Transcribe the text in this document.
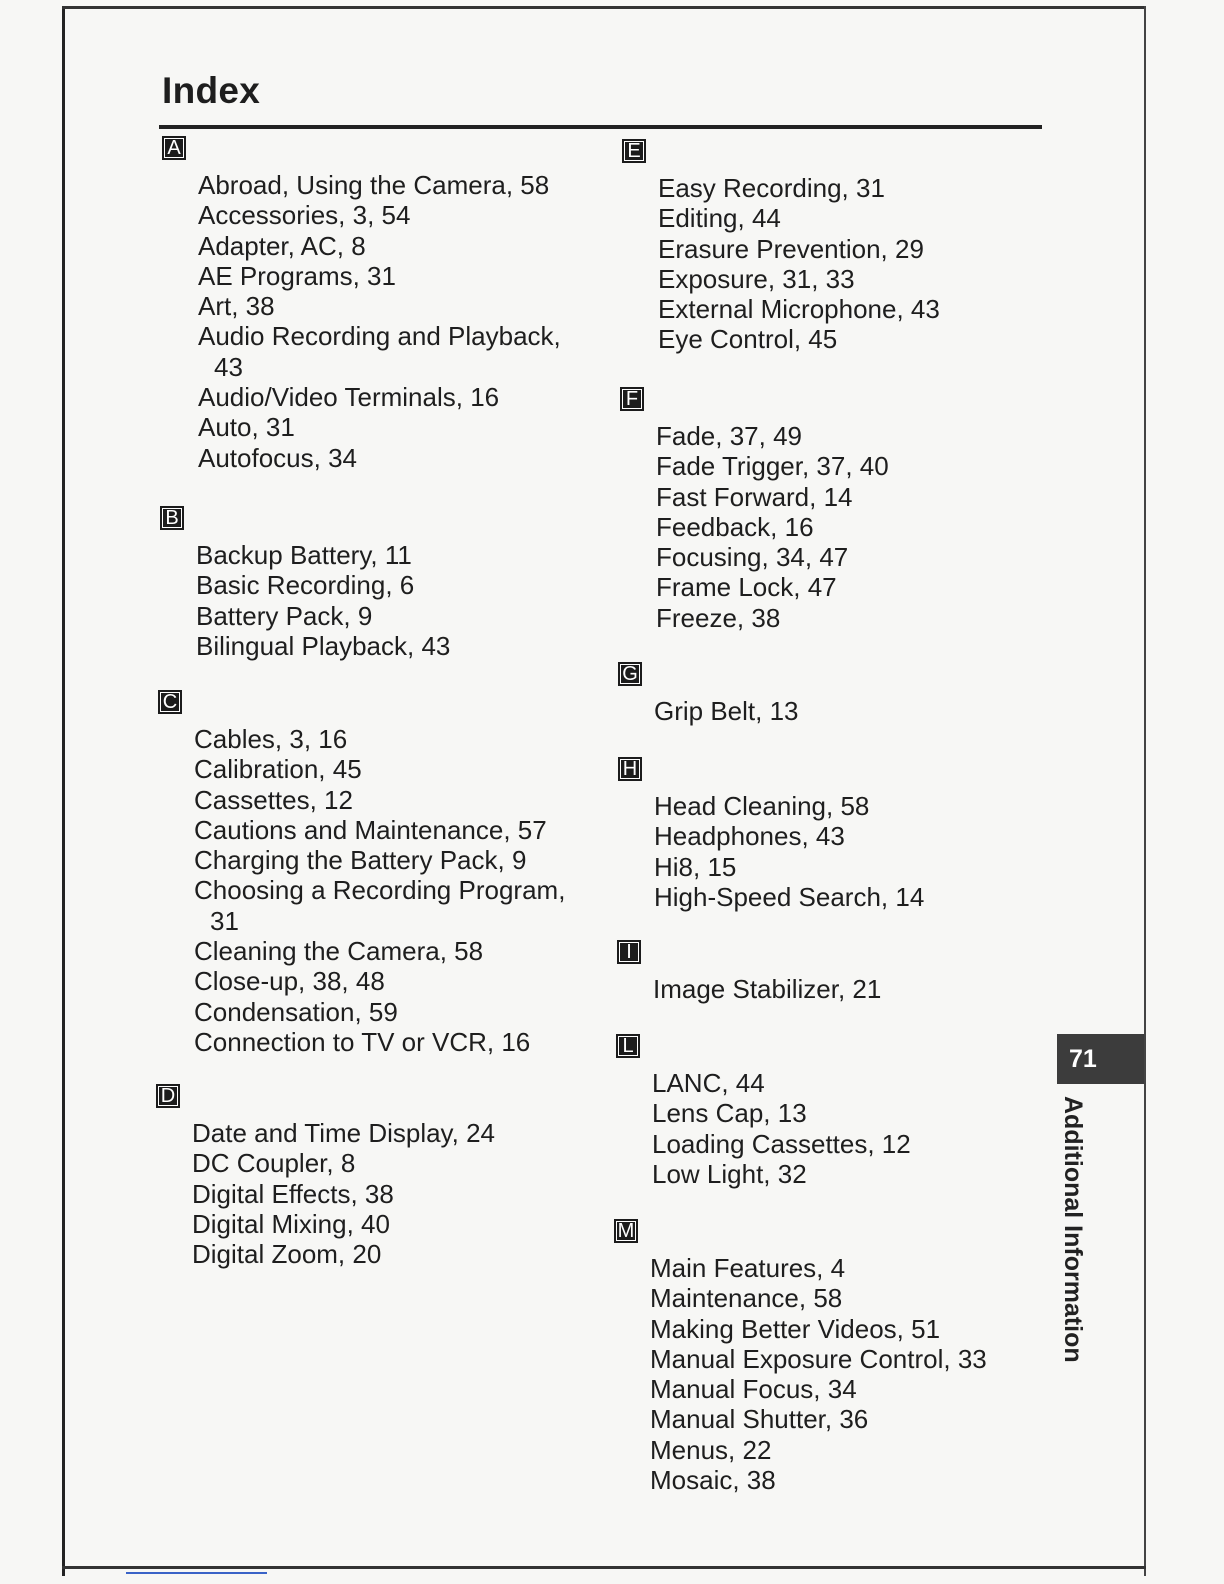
Index
A
Abroad, Using the Camera, 58
Accessories, 3, 54
Adapter, AC, 8
AE Programs, 31
Art, 38
Audio Recording and Playback,
43
Audio/Video Terminals, 16
Auto, 31
Autofocus, 34
B
Backup Battery, 11
Basic Recording, 6
Battery Pack, 9
Bilingual Playback, 43
C
Cables, 3, 16
Calibration, 45
Cassettes, 12
Cautions and Maintenance, 57
Charging the Battery Pack, 9
Choosing a Recording Program,
31
Cleaning the Camera, 58
Close-up, 38, 48
Condensation, 59
Connection to TV or VCR, 16
D
Date and Time Display, 24
DC Coupler, 8
Digital Effects, 38
Digital Mixing, 40
Digital Zoom, 20
E
Easy Recording, 31
Editing, 44
Erasure Prevention, 29
Exposure, 31, 33
External Microphone, 43
Eye Control, 45
F
Fade, 37, 49
Fade Trigger, 37, 40
Fast Forward, 14
Feedback, 16
Focusing, 34, 47
Frame Lock, 47
Freeze, 38
G
Grip Belt, 13
H
Head Cleaning, 58
Headphones, 43
Hi8, 15
High-Speed Search, 14
I
Image Stabilizer, 21
L
LANC, 44
Lens Cap, 13
Loading Cassettes, 12
Low Light, 32
M
Main Features, 4
Maintenance, 58
Making Better Videos, 51
Manual Exposure Control, 33
Manual Focus, 34
Manual Shutter, 36
Menus, 22
Mosaic, 38
71
Additional Information
